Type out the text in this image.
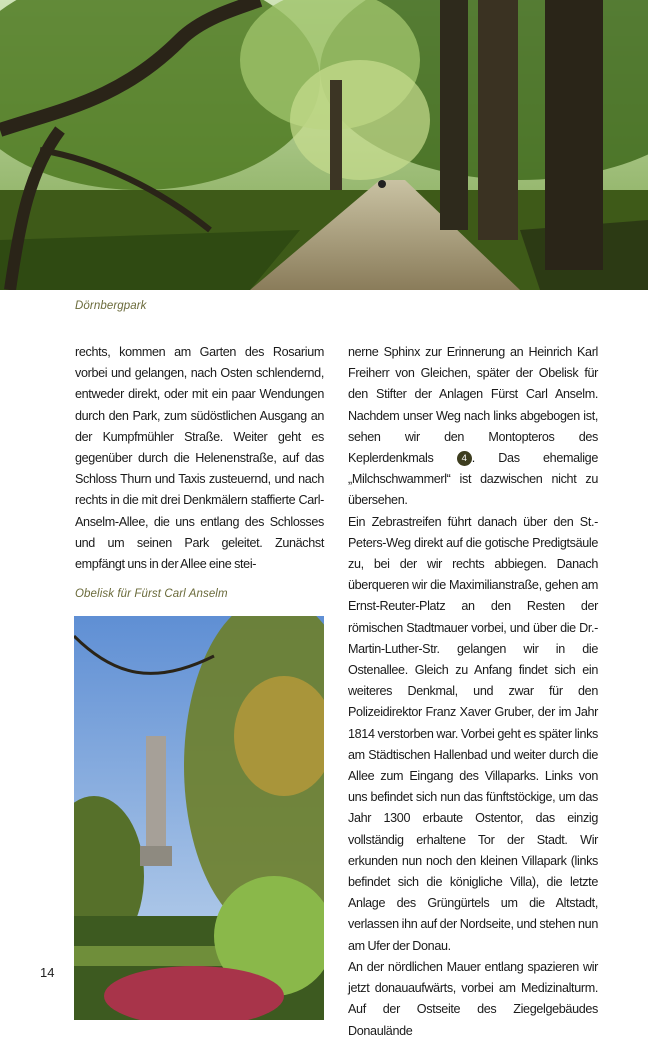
Dörnbergpark

rechts, kommen am Garten des Rosarium vorbei und gelangen, nach Osten schlendernd, entweder direkt, oder mit ein paar Wendungen durch den Park, zum südöstlichen Ausgang an der Kumpfmühler Straße. Weiter geht es gegenüber durch die Helenenstraße, auf das Schloss Thurn und Taxis zusteuernd, und nach rechts in die mit drei Denkmälern staffierte Carl-Anselm-Allee, die uns entlang des Schlosses und um seinen Park geleitet. Zunächst empfängt uns in der Allee eine stei-

Obelisk für Fürst Carl Anselm

nerne Sphinx zur Erinnerung an Heinrich Karl Freiherr von Gleichen, später der Obelisk für den Stifter der Anlagen Fürst Carl Anselm. Nachdem unser Weg nach links abgebogen ist, sehen wir den Montopteros des Keplerdenkmals	4 . Das ehemalige „Milchschwammerl“ ist dazwischen nicht zu übersehen.

Ein Zebrastreifen führt danach über den St.-Peters-Weg direkt auf die gotische Predigtsäule zu, bei der wir rechts abbiegen. Danach überqueren wir die Maximilianstraße, gehen am Ernst-Reuter-Platz an den Resten der römischen Stadtmauer vorbei, und über die Dr.-Martin-Luther-Str. gelangen wir in die Ostenallee. Gleich zu Anfang findet sich ein weiteres Denkmal, und zwar für den Polizeidirektor Franz Xaver Gruber, der im Jahr 1814 verstorben war. Vorbei geht es später links am Städtischen Hallenbad und weiter durch die Allee zum Eingang des Villaparks. Links von uns befindet sich nun das fünftstöckige, um das Jahr 1300 erbaute Ostentor, das einzig vollständig erhaltene Tor der Stadt. Wir erkunden nun noch den kleinen Villapark (links befindet sich die königliche Villa), die letzte Anlage des Grüngürtels um die Altstadt, verlassen ihn auf der Nordseite, und stehen nun am Ufer der Donau.

An der nördlichen Mauer entlang spazieren wir jetzt donauaufwärts, vorbei am Medizinalturm. Auf der Ostseite des Ziegelgebäudes Donaulände

14
